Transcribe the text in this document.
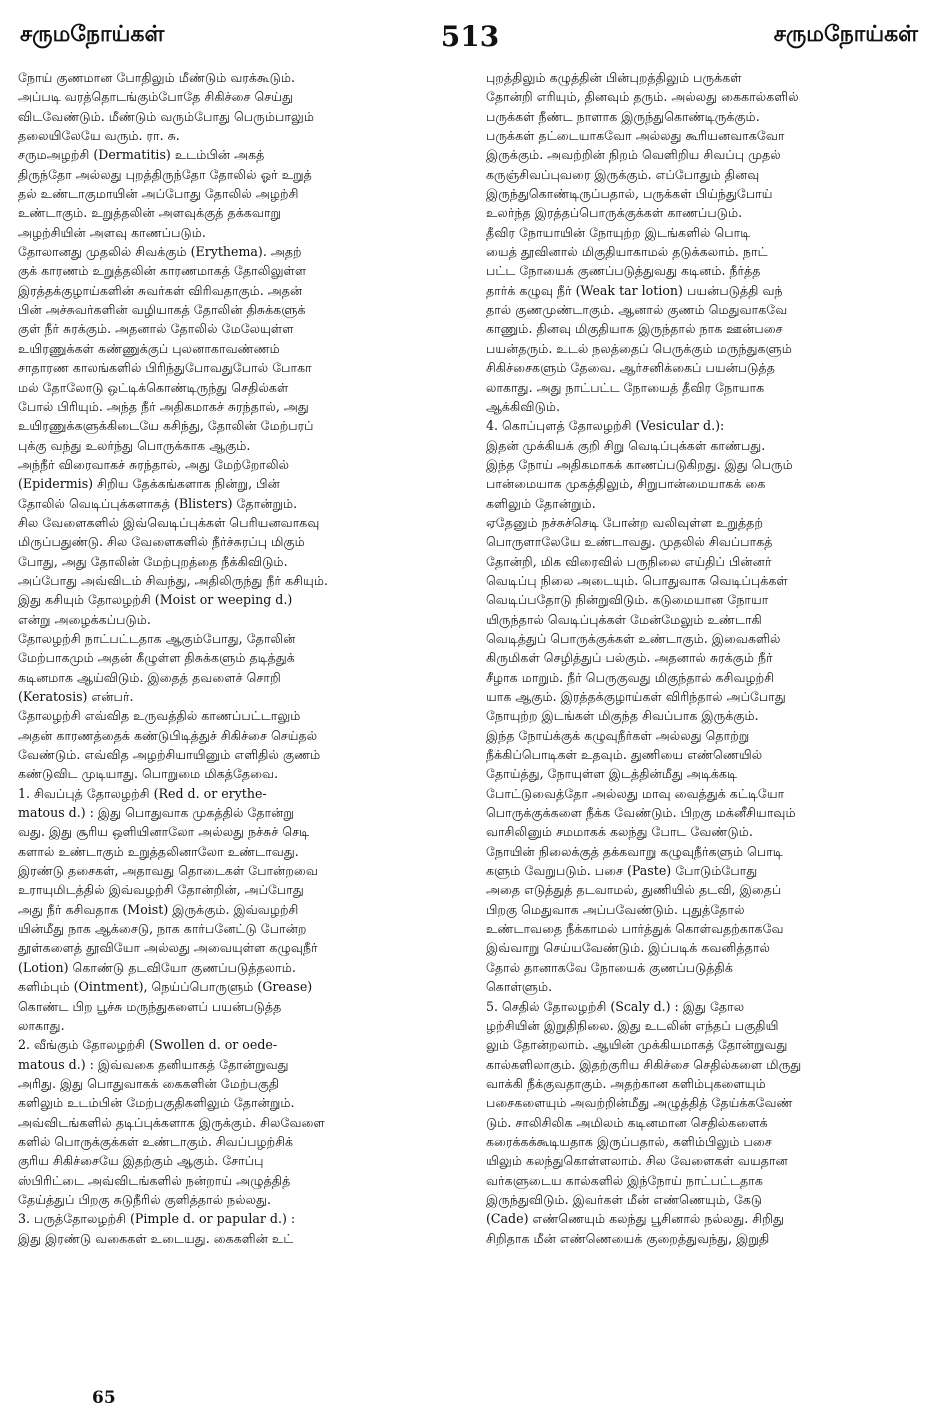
சருமநோய்கள்	513	சருமநோய்கள்
நோய் குணமான போதிலும் மீண்டும் வரக்கூடும்.
அப்படி வரத்தொடங்கும்போதே சிகிச்சை செய்து
விடவேண்டும். மீண்டும் வரும்போது பெரும்பாலும்
தலையிலேயே வரும். ரா. சு.
சருமஅழற்சி (Dermatitis) உடம்பின் அகத்
திருந்தோ அல்லது புறத்திருந்தோ தோலில் ஓர் உறுத்
தல் உண்டாகுமாயின் அப்போது தோலில் அழற்சி
உண்டாகும். உறுத்தலின் அளவுக்குத் தக்கவாறு
அழற்சியின் அளவு காணப்படும்.
தோலானது முதலில் சிவக்கும் (Erythema). அதற்
குக் காரணம் உறுத்தலின் காரணமாகத் தோலிலுள்ள
இரத்தக்குழாய்களின் சுவர்கள் விரிவதாகும். அதன்
பின் அச்சுவர்களின் வழியாகத் தோலின் திசுக்களுக்
குள் நீர் சுரக்கும். அதனால் தோலில் மேலேயுள்ள
உயிரணுக்கள் கண்ணுக்குப் புலனாகாவண்ணம்
சாதாரண காலங்களில் பிரிந்துபோவதுபோல் போகா
மல் தோலோடு ஒட்டிக்கொண்டிருந்து செதில்கள்
போல் பிரியும். அந்த நீர் அதிகமாகச் சுரந்தால், அது
உயிரணுக்களுக்கிடையே கசிந்து, தோலின் மேற்பரப்
புக்கு வந்து உலர்ந்து பொருக்காக ஆகும்.
அந்நீர் விரைவாகச் சுரந்தால், அது மேற்றோலில்
(Epidermis) சிறிய தேக்கங்களாக நின்று, பின்
தோலில் வெடிப்புக்களாகத் (Blisters) தோன்றும்.
சில வேளைகளில் இவ்வெடிப்புக்கள் பெரியனவாகவு
மிருப்பதுண்டு. சில வேளைகளில் நீர்ச்சுரப்பு மிகும்
போது, அது தோலின் மேற்புறத்தை நீக்கிவிடும்.
அப்போது அவ்விடம் சிவந்து, அதிலிருந்து நீர் கசியும்.
இது கசியும் தோலழற்சி (Moist or weeping d.)
என்று அழைக்கப்படும்.
தோலழற்சி நாட்பட்டதாக ஆகும்போது, தோலின்
மேற்பாகமும் அதன் கீழுள்ள திசுக்களும் தடித்துக்
கடினமாக ஆய்விடும். இதைத் தவளைச் சொறி
(Keratosis) என்பர்.
தோலழற்சி எவ்வித உருவத்தில் காணப்பட்டாலும்
அதன் காரணத்தைக் கண்டுபிடித்துச் சிகிச்சை செய்தல்
வேண்டும். எவ்வித அழற்சியாயினும் எளிதில் குணம்
கண்டுவிட முடியாது. பொறுமை மிகத்தேவை.
1. சிவப்புத் தோலழற்சி (Red d. or erythe-
matous d.) : இது பொதுவாக முகத்தில் தோன்று
வது. இது சூரிய ஒளியினாலோ அல்லது நச்சுச் செடி
களால் உண்டாகும் உறுத்தலினாலோ உண்டாவது.
இரண்டு தசைகள், அதாவது தொடைகள் போன்றவை
உராயுமிடத்தில் இவ்வழற்சி தோன்றின், அப்போது
அது நீர் கசிவதாக (Moist) இருக்கும். இவ்வழற்சி
யின்மீது நாக ஆக்சைடு, நாக கார்பனேட்டு போன்ற
தூள்களைத் தூவியோ அல்லது அவையுள்ள கழுவுநீர்
(Lotion) கொண்டு தடவியோ குணப்படுத்தலாம்.
களிம்பும் (Ointment), நெய்ப்பொருளும் (Grease)
கொண்ட பிற பூச்சு மருந்துகளைப் பயன்படுத்த
லாகாது.
2. வீங்கும் தோலழற்சி (Swollen d. or oede-
matous d.) : இவ்வகை தனியாகத் தோன்றுவது
அரிது. இது பொதுவாகக் கைகளின் மேற்பகுதி
களிலும் உடம்பின் மேற்பகுதிகளிலும் தோன்றும்.
அவ்விடங்களில் தடிப்புக்களாக இருக்கும். சிலவேளை
களில் பொருக்குக்கள் உண்டாகும். சிவப்பழற்சிக்
குரிய சிகிச்சையே இதற்கும் ஆகும். சோப்பு
ஸ்பிரிட்டை அவ்விடங்களில் நன்றாய் அழுத்தித்
தேய்த்துப் பிறகு சுடுநீரில் குளித்தால் நல்லது.
3. பருத்தோலழற்சி (Pimple d. or papular d.) :
இது இரண்டு வகைகள் உடையது. கைகளின் உட்
புறத்திலும் கழுத்தின் பின்புறத்திலும் பருக்கள்
தோன்றி எரியும், தினவும் தரும். அல்லது கைகால்களில்
பருக்கள் நீண்ட நாளாக இருந்துகொண்டிருக்கும்.
பருக்கள் தட்டையாகவோ அல்லது கூரியனவாகவோ
இருக்கும். அவற்றின் நிறம் வெளிறிய சிவப்பு முதல்
கருஞ்சிவப்புவரை இருக்கும். எப்போதும் தினவு
இருந்துகொண்டிருப்பதால், பருக்கள் பிய்ந்துபோய்
உலர்ந்த இரத்தப்பொருக்குக்கள் காணப்படும்.
தீவிர நோயாயின் நோயுற்ற இடங்களில் பொடி
யைத் தூவினால் மிகுதியாகாமல் தடுக்கலாம். நாட்
பட்ட நோயைக் குணப்படுத்துவது கடினம். நீர்த்த
தார்க் கழுவு நீர் (Weak tar lotion) பயன்படுத்தி வந்
தால் குணமுண்டாகும். ஆனால் குணம் மெதுவாகவே
காணும். தினவு மிகுதியாக இருந்தால் நாக ஊன்பசை
பயன்தரும். உடல் நலத்தைப் பெருக்கும் மருந்துகளும்
சிகிச்சைகளும் தேவை. ஆர்சனிக்கைப் பயன்படுத்த
லாகாது. அது நாட்பட்ட நோயைத் தீவிர நோயாக
ஆக்கிவிடும்.
4. கொப்புளத் தோலழற்சி (Vesicular d.):
இதன் முக்கியக் குறி சிறு வெடிப்புக்கள் காண்பது.
இந்த நோய் அதிகமாகக் காணப்படுகிறது. இது பெரும்
பான்மையாக முகத்திலும், சிறுபான்மையாகக் கை
களிலும் தோன்றும்.
ஏதேனும் நச்சுச்செடி போன்ற வலிவுள்ள உறுத்தற்
பொருளாலேயே உண்டாவது. முதலில் சிவப்பாகத்
தோன்றி, மிக விரைவில் பருநிலை எய்திப் பின்னர்
வெடிப்பு நிலை அடையும். பொதுவாக வெடிப்புக்கள்
வெடிப்பதோடு நின்றுவிடும். கடுமையான நோயா
யிருந்தால் வெடிப்புக்கள் மேன்மேலும் உண்டாகி
வெடித்துப் பொருக்குக்கள் உண்டாகும். இவைகளில்
கிருமிகள் செழித்துப் பல்கும். அதனால் சுரக்கும் நீர்
சீழாக மாறும். நீர் பெருகுவது மிகுந்தால் கசிவழற்சி
யாக ஆகும். இரத்தக்குழாய்கள் விரிந்தால் அப்போது
நோயுற்ற இடங்கள் மிகுந்த சிவப்பாக இருக்கும்.
இந்த நோய்க்குக் கழுவுநீர்கள் அல்லது தொற்று
நீக்கிப்பொடிகள் உதவும். துணியை எண்ணெயில்
தோய்த்து, நோயுள்ள இடத்தின்மீது அடிக்கடி
போட்டுவைத்தோ அல்லது மாவு வைத்துக் கட்டியோ
பொருக்குக்களை நீக்க வேண்டும். பிறகு மக்னீசியாவும்
வாசிலினும் சமமாகக் கலந்து போட வேண்டும்.
நோயின் நிலைக்குத் தக்கவாறு கழுவுநீர்களும் பொடி
களும் வேறுபடும். பசை (Paste) போடும்போது
அதை எடுத்துத் தடவாமல், துணியில் தடவி, இதைப்
பிறகு மெதுவாக அப்பவேண்டும். புதுத்தோல்
உண்டாவதை நீக்காமல் பார்த்துக் கொள்வதற்காகவே
இவ்வாறு செய்யவேண்டும். இப்படிக் கவனித்தால்
தோல் தானாகவே நோயைக் குணப்படுத்திக்
கொள்ளும்.
5. செதில் தோலழற்சி (Scaly d.) : இது தோல
ழற்சியின் இறுதிநிலை. இது உடலின் எந்தப் பகுதியி
லும் தோன்றலாம். ஆயின் முக்கியமாகத் தோன்றுவது
கால்களிலாகும். இதற்குரிய சிகிச்சை செதில்களை மிருது
வாக்கி நீக்குவதாகும். அதற்கான களிம்புகளையும்
பசைகளையும் அவற்றின்மீது அழுத்தித் தேய்க்கவேண்
டும். சாலிசிலிக அமிலம் கடினமான செதில்களைக்
கரைக்கக்கூடியதாக இருப்பதால், களிம்பிலும் பசை
யிலும் கலந்துகொள்ளலாம். சில வேளைகள் வயதான
வர்களுடைய கால்களில் இந்நோய் நாட்பட்டதாக
இருந்துவிடும். இவர்கள் மீன் எண்ணெயும், கேடு
(Cade) எண்ணெயும் கலந்து பூசினால் நல்லது. சிறிது
சிறிதாக மீன் எண்ணெயைக் குறைத்துவந்து, இறுதி
65
